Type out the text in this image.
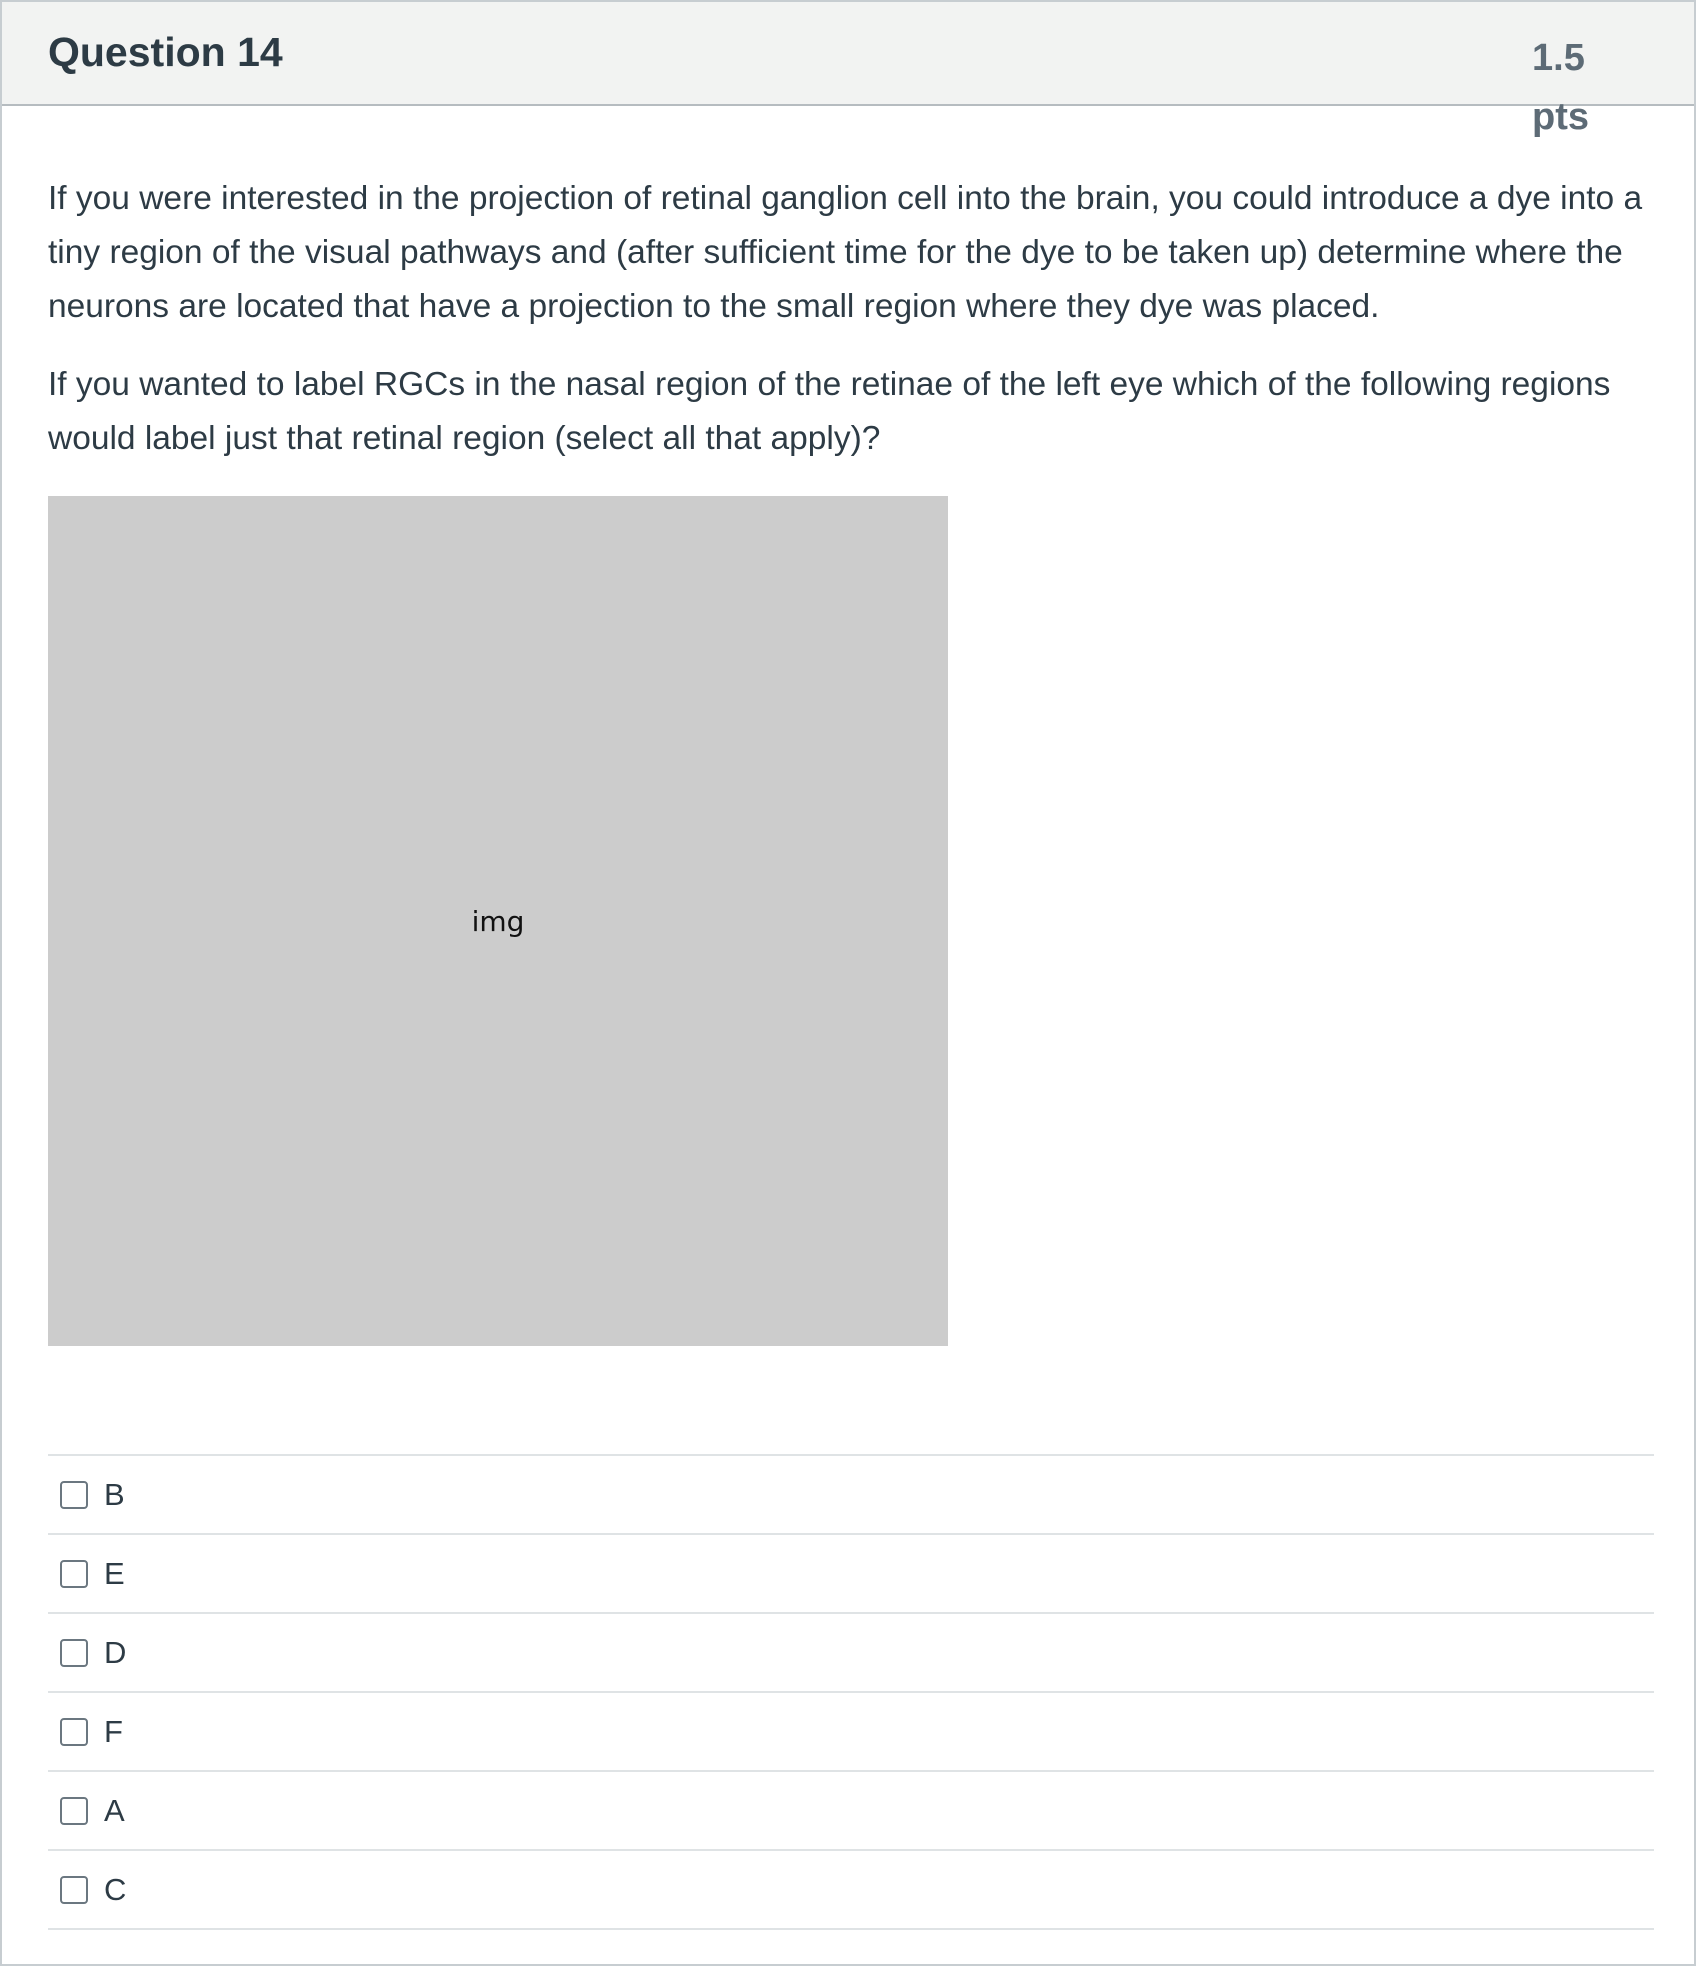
Question 14	1.5
pts

If you were interested in the projection of retinal ganglion cell into the brain, you could introduce a dye into a tiny region of the visual pathways and (after sufficient time for the dye to be taken up) determine where the neurons are located that have a projection to the small region where they dye was placed.

If you wanted to label RGCs in the nasal region of the retinae of the left eye which of the following regions would label just that retinal region (select all that apply)?

img
B
E
D
F
A
C
